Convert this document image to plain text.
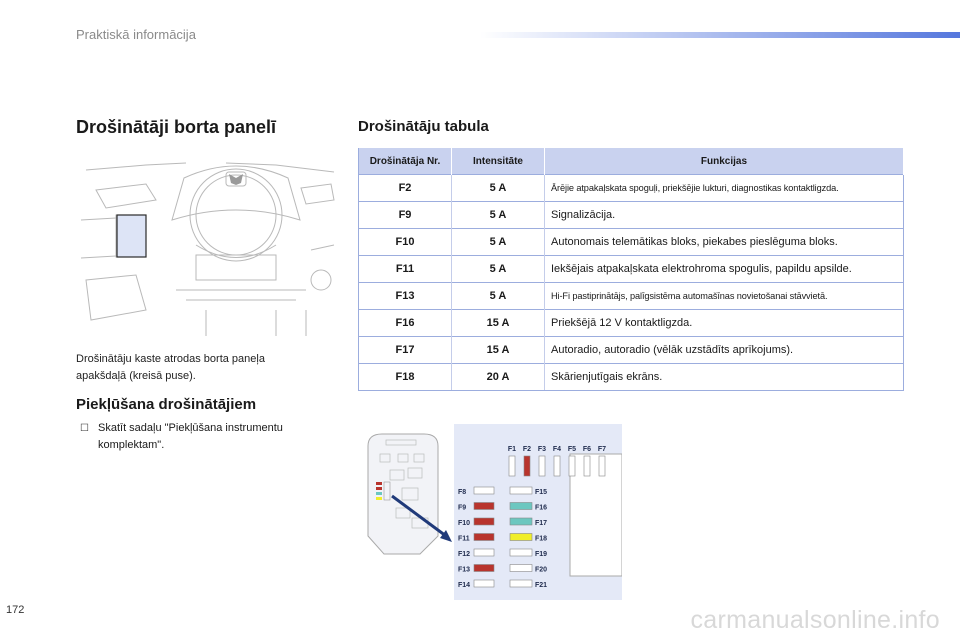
Praktiskā informācija
Drošinātāji borta panelī	Drošinātāju tabula
Drošinātāju kaste atrodas borta paneļa apakšdaļā (kreisā puse).
Piekļūšana drošinātājiem
☐ Skatīt sadaļu "Piekļūšana instrumentu komplektam".
Drošinātāja Nr.	Intensitāte	Funkcijas
F2	5 A	Ārējie atpakaļskata spoguļi, priekšējie lukturi, diagnostikas kontaktligzda.
F9	5 A	Signalizācija.
F10	5 A	Autonomais telemātikas bloks, piekabes pieslēguma bloks.
F11	5 A	Iekšējais atpakaļskata elektrohroma spogulis, papildu apsilde.
F13	5 A	Hi-Fi pastiprinātājs, palīgsistēma automašīnas novietošanai stāvvietā.
F16	15 A	Priekšējā 12 V kontaktligzda.
F17	15 A	Autoradio, autoradio (vēlāk uzstādīts aprīkojums).
F18	20 A	Skārienjutīgais ekrāns.
F1 F2 F3 F4 F5 F6 F7
F8
F9
F10
F11
F12
F13
F14
F15
F16
F17
F18
F19
F20
F21
172	carmanualsonline.info
